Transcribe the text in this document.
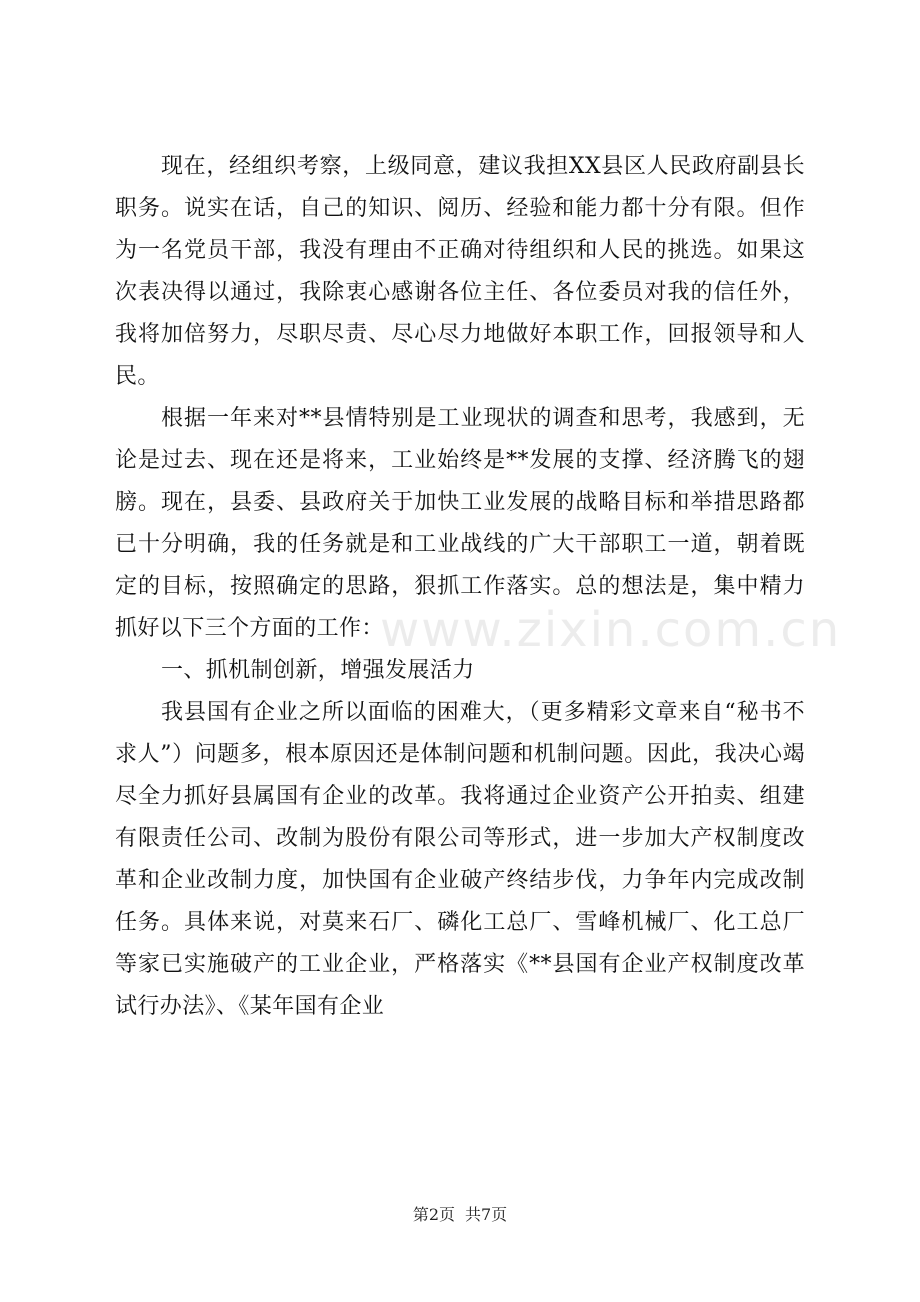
现在，经组织考察，上级同意，建议我担XX县区人民政府副县长职务。说实在话，自己的知识、阅历、经验和能力都十分有限。但作为一名党员干部，我没有理由不正确对待组织和人民的挑选。如果这次表决得以通过，我除衷心感谢各位主任、各位委员对我的信任外，我将加倍努力，尽职尽责、尽心尽力地做好本职工作，回报领导和人民。

根据一年来对**县情特别是工业现状的调查和思考，我感到，无论是过去、现在还是将来，工业始终是**发展的支撑、经济腾飞的翅膀。现在，县委、县政府关于加快工业发展的战略目标和举措思路都已十分明确，我的任务就是和工业战线的广大干部职工一道，朝着既定的目标，按照确定的思路，狠抓工作落实。总的想法是，集中精力抓好以下三个方面的工作：

一、抓机制创新，增强发展活力

我县国有企业之所以面临的困难大，（更多精彩文章来自“秘书不求人”）问题多，根本原因还是体制问题和机制问题。因此，我决心竭尽全力抓好县属国有企业的改革。我将通过企业资产公开拍卖、组建有限责任公司、改制为股份有限公司等形式，进一步加大产权制度改革和企业改制力度，加快国有企业破产终结步伐，力争年内完成改制任务。具体来说，对莫来石厂、磷化工总厂、雪峰机械厂、化工总厂等家已实施破产的工业企业，严格落实《**县国有企业产权制度改革试行办法》、《某年国有企业

www.zixin.com.cn
第2页 共7页
